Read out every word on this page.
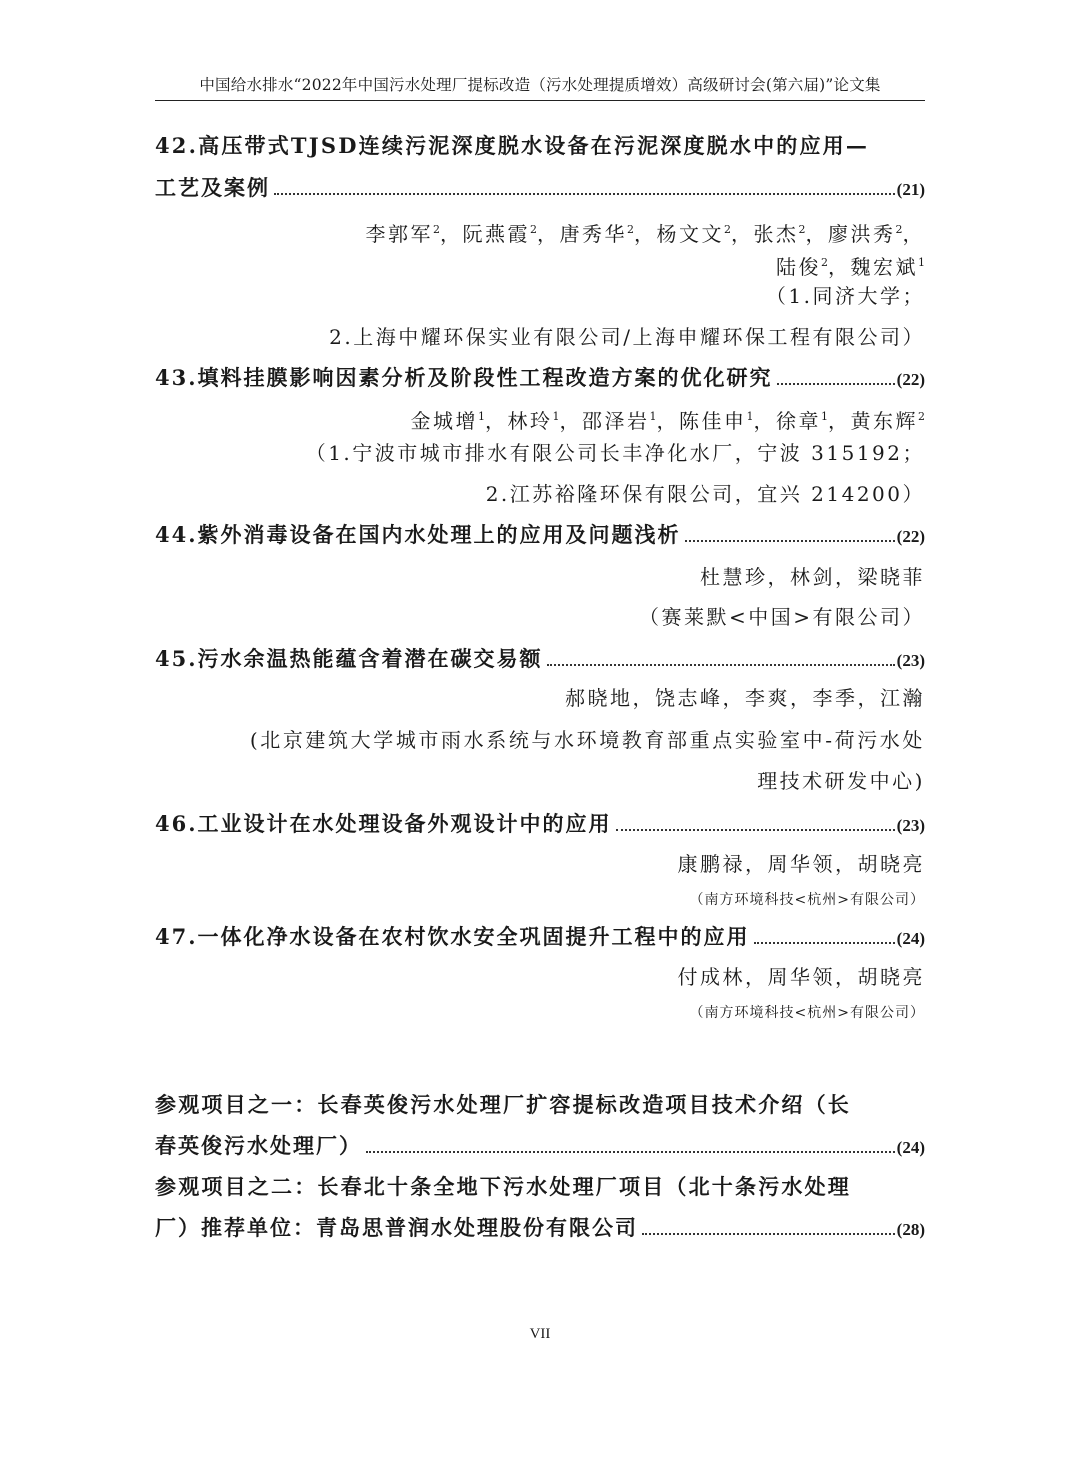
中国给水排水“2022年中国污水处理厂提标改造（污水处理提质增效）高级研讨会(第六届)”论文集
42.高压带式TJSD连续污泥深度脱水设备在污泥深度脱水中的应用—
工艺及案例	(21)
李郭军$^2$，阮燕霞$^2$，唐秀华$^2$，杨文文$^2$，张杰$^2$，廖洪秀$^2$，
陆俊$^2$，魏宏斌$^1$
（1.同济大学；
2.上海中耀环保实业有限公司/上海申耀环保工程有限公司）
43.填料挂膜影响因素分析及阶段性工程改造方案的优化研究	(22)
金城增$^1$，林玲$^1$，邵泽岩$^1$，陈佳申$^1$，徐章$^1$，黄东辉$^2$
（1.宁波市城市排水有限公司长丰净化水厂，宁波 315192；
2.江苏裕隆环保有限公司，宜兴 214200）
44.紫外消毒设备在国内水处理上的应用及问题浅析	(22)
杜慧珍，林剑，梁晓菲
（赛莱默<中国>有限公司）
45.污水余温热能蕴含着潜在碳交易额	(23)
郝晓地，饶志峰，李爽，李季，江瀚
(北京建筑大学城市雨水系统与水环境教育部重点实验室中-荷污水处
理技术研发中心)
46.工业设计在水处理设备外观设计中的应用	(23)
康鹏禄，周华领，胡晓亮
（南方环境科技<杭州>有限公司）
47.一体化净水设备在农村饮水安全巩固提升工程中的应用	(24)
付成林，周华领，胡晓亮
（南方环境科技<杭州>有限公司）
参观项目之一：长春英俊污水处理厂扩容提标改造项目技术介绍（长
春英俊污水处理厂）	(24)
参观项目之二：长春北十条全地下污水处理厂项目（北十条污水处理
厂）推荐单位：青岛思普润水处理股份有限公司	(28)
VII
